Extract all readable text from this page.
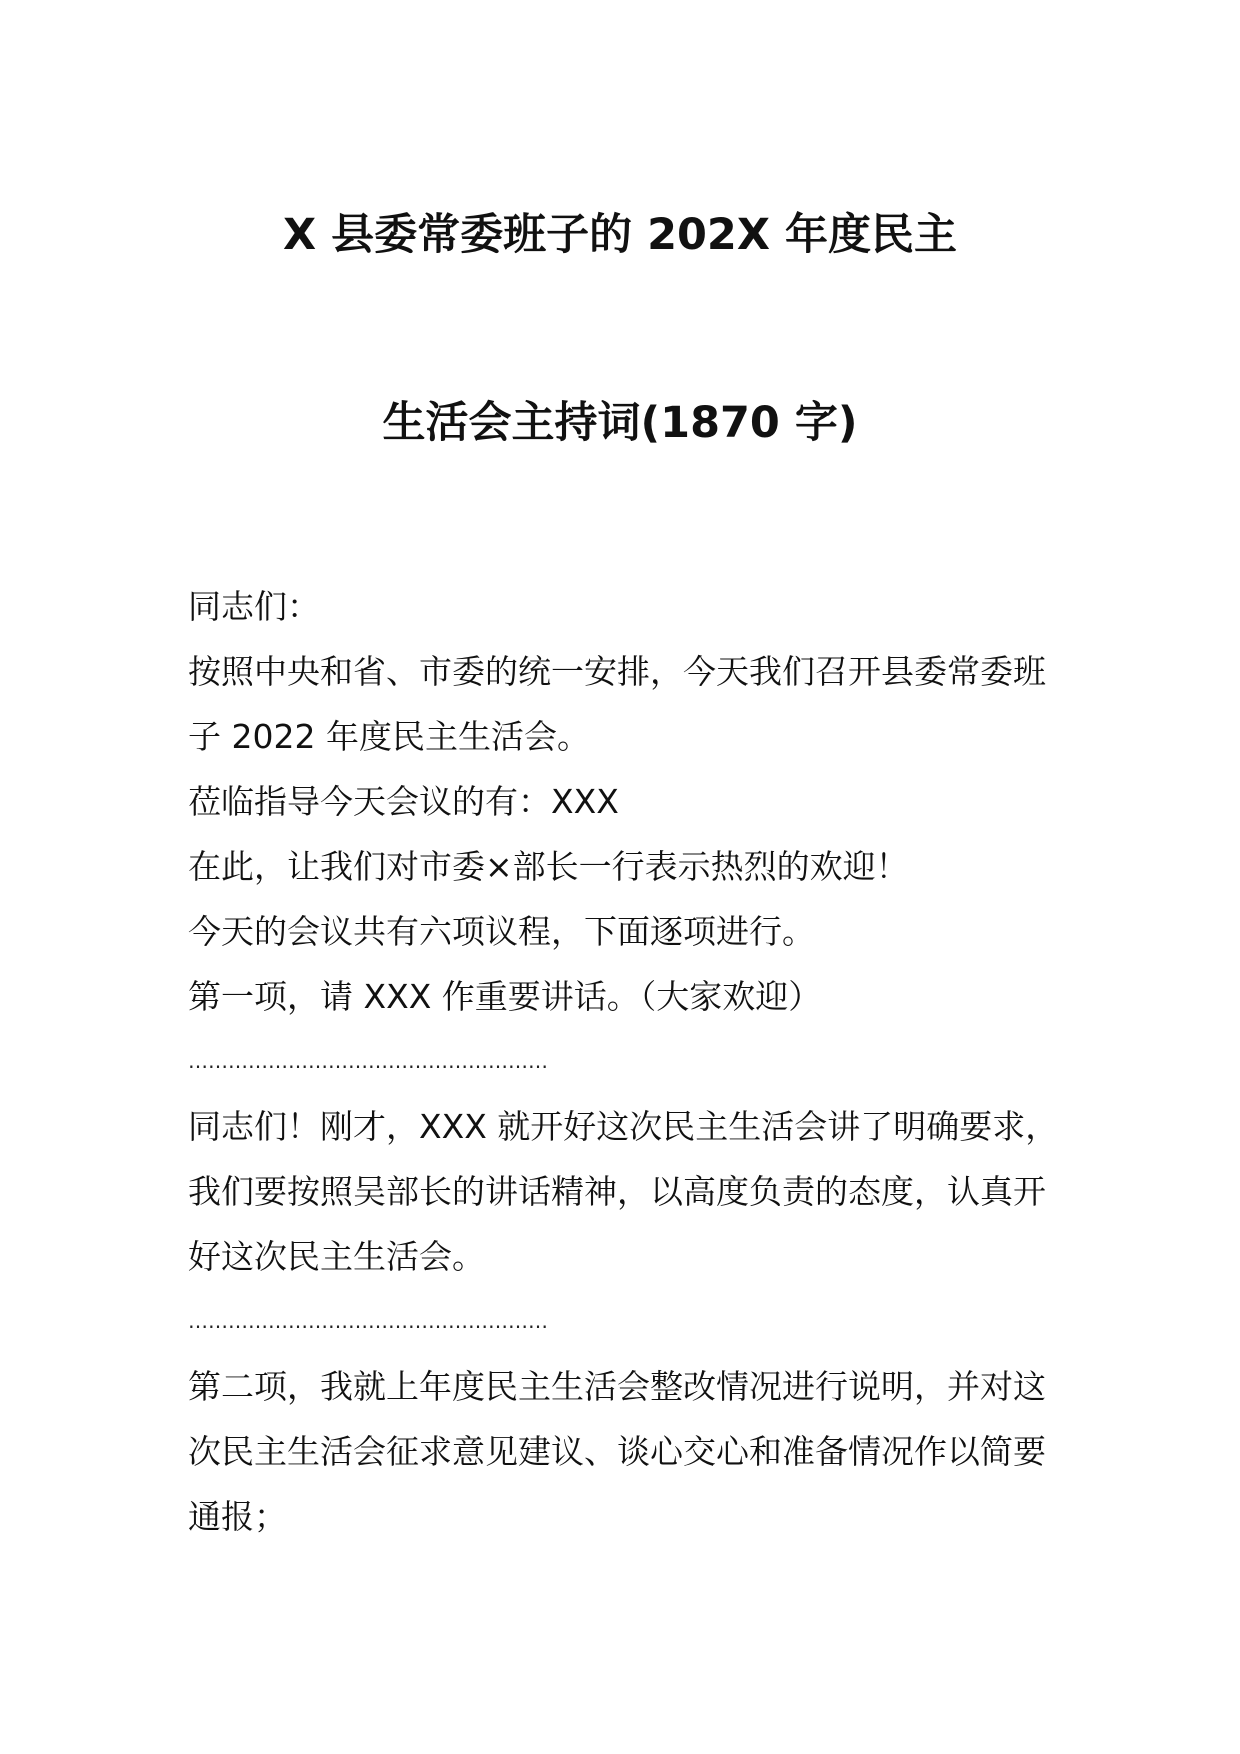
X 县委常委班子的 202X 年度民主
生活会主持词(1870 字)

同志们：

按照中央和省、市委的统一安排，今天我们召开县委常委班子 2022 年度民主生活会。

莅临指导今天会议的有：XXX

在此，让我们对市委×部长一行表示热烈的欢迎！

今天的会议共有六项议程，下面逐项进行。

第一项，请 XXX 作重要讲话。（大家欢迎）

………………………………………………

同志们！刚才，XXX 就开好这次民主生活会讲了明确要求，我们要按照吴部长的讲话精神，以高度负责的态度，认真开好这次民主生活会。

………………………………………………

第二项，我就上年度民主生活会整改情况进行说明，并对这次民主生活会征求意见建议、谈心交心和准备情况作以简要通报；
